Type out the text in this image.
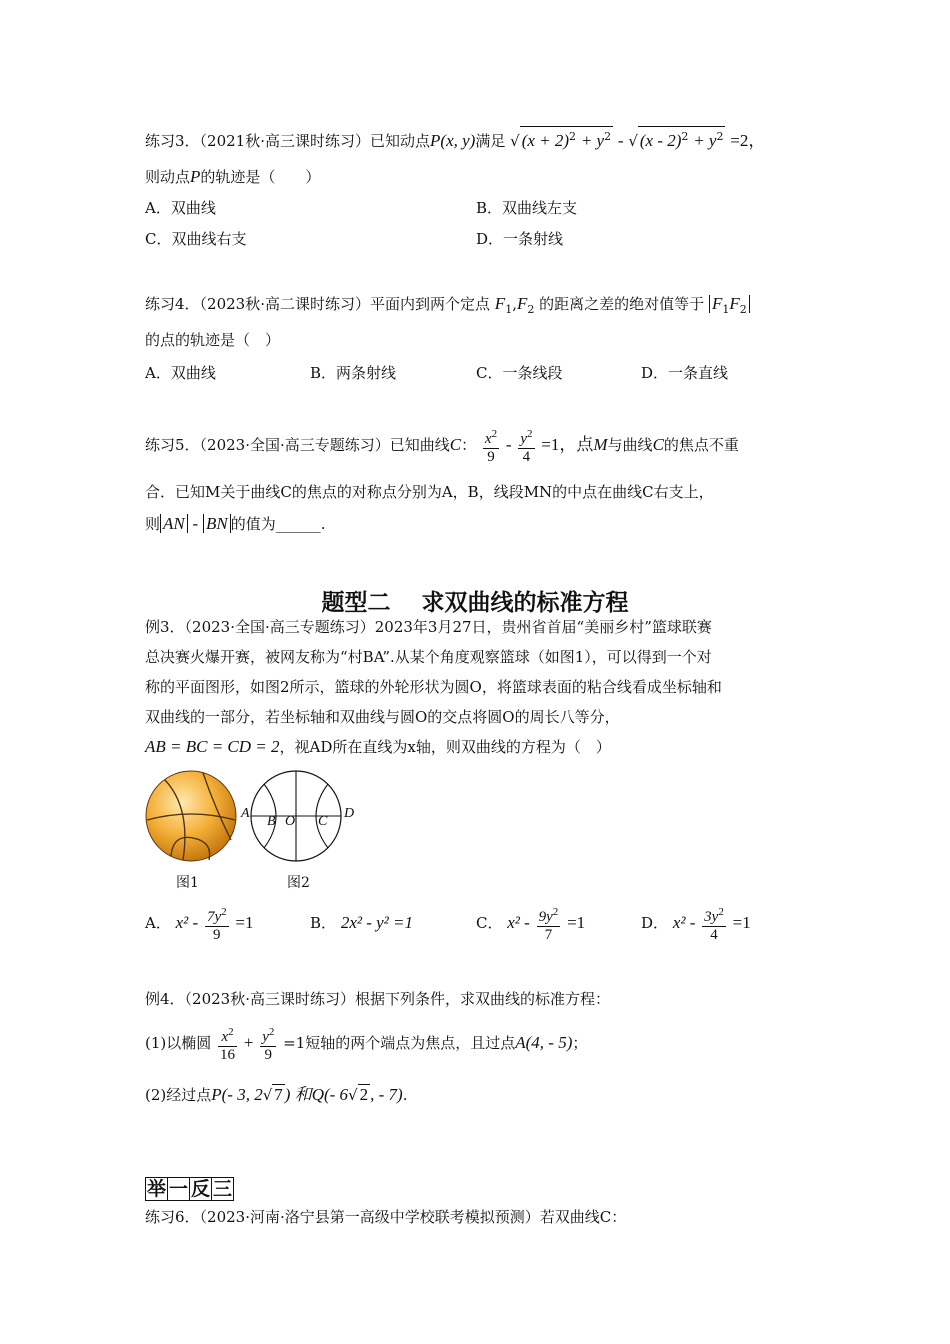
练习3．（2021秋·高三课时练习）已知动点P(x, y)满足 √ $(x + 2)^2 + y^2$ - √ $(x - 2)^2 + y^2 =2$，
则动点P的轨迹是（　　）
A．双曲线	B．双曲线左支
C．双曲线右支	D．一条射线
练习4．（2023秋·高二课时练习）平面内到两个定点 $F_1,F_2$ 的距离之差的绝对值等于 $F_1F_2$
的点的轨迹是（　）
A．双曲线	B．两条射线	C．一条线段	D．一条直线
练习5．（2023·全国·高三专题练习）已知曲线C： $\frac{x^2}{9} - \frac{y^2}{4} =1$，点M与曲线C的焦点不重
合．已知M关于曲线C的焦点的对称点分别为A，B，线段MN的中点在曲线C右支上，
则 AN - BN 的值为______.
题型二　 求双曲线的标准方程
例3．（2023·全国·高三专题练习）2023年3月27日，贵州省首届“美丽乡村”篮球联赛
总决赛火爆开赛，被网友称为“村BA”.从某个角度观察篮球（如图1），可以得到一个对
称的平面图形，如图2所示，篮球的外轮形状为圆O，将篮球表面的粘合线看成坐标轴和
双曲线的一部分，若坐标轴和双曲线与圆O的交点将圆O的周长八等分，
AB = BC = CD = 2，视AD所在直线为x轴，则双曲线的方程为（　）
A
B O C
D
图1	图2
A． $x^2 - \frac{7y^2}{9} =1$	B． 2x² - y² =1	C． $x^2 - \frac{9y^2}{7} =1$	D． $x^2 - \frac{3y^2}{4} =1$
例4．（2023秋·高三课时练习）根据下列条件，求双曲线的标准方程：
(1)以椭圆 $\frac{x^2}{16} + \frac{y^2}{9} =1$短轴的两个端点为焦点，且过点A(4, - 5)；
(2)经过点P(- 3, 2√ 7 ) 和Q(- 6√ 2 , - 7).
举 一 反 三
练习6．（2023·河南·洛宁县第一高级中学校联考模拟预测）若双曲线C：
